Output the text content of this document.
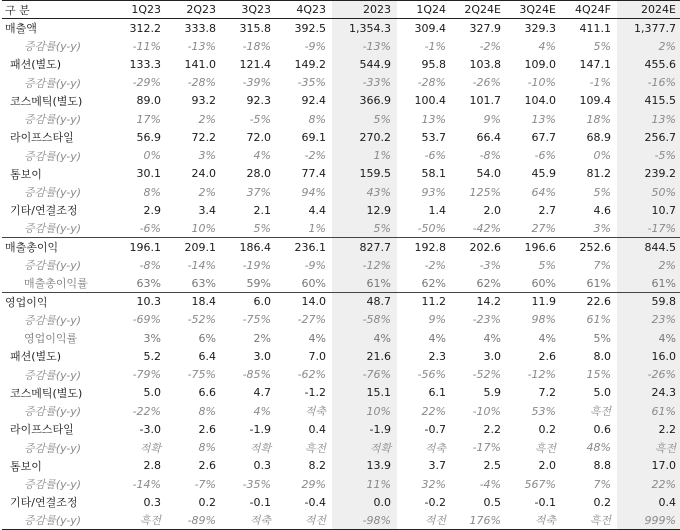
구 분	1Q23	2Q23	3Q23	4Q23	2023	1Q24	2Q24E	3Q24E	4Q24F	2024E
매출액	312.2	333.8	315.8	392.5	1,354.3	309.4	327.9	329.3	411.1	1,377.7
증감률(y-y)	-11%	-13%	-18%	-9%	-13%	-1%	-2%	4%	5%	2%
패션(별도)	133.3	141.0	121.4	149.2	544.9	95.8	103.8	109.0	147.1	455.6
증감률(y-y)	-29%	-28%	-39%	-35%	-33%	-28%	-26%	-10%	-1%	-16%
코스메틱(별도)	89.0	93.2	92.3	92.4	366.9	100.4	101.7	104.0	109.4	415.5
증감률(y-y)	17%	2%	-5%	8%	5%	13%	9%	13%	18%	13%
라이프스타일	56.9	72.2	72.0	69.1	270.2	53.7	66.4	67.7	68.9	256.7
증감률(y-y)	0%	3%	4%	-2%	1%	-6%	-8%	-6%	0%	-5%
톰보이	30.1	24.0	28.0	77.4	159.5	58.1	54.0	45.9	81.2	239.2
증감률(y-y)	8%	2%	37%	94%	43%	93%	125%	64%	5%	50%
기타/연결조정	2.9	3.4	2.1	4.4	12.9	1.4	2.0	2.7	4.6	10.7
증감률(y-y)	-6%	10%	5%	1%	5%	-50%	-42%	27%	3%	-17%
매출총이익	196.1	209.1	186.4	236.1	827.7	192.8	202.6	196.6	252.6	844.5
증감률(y-y)	-8%	-14%	-19%	-9%	-12%	-2%	-3%	5%	7%	2%
매출총이익률	63%	63%	59%	60%	61%	62%	62%	60%	61%	61%
영업이익	10.3	18.4	6.0	14.0	48.7	11.2	14.2	11.9	22.6	59.8
증감률(y-y)	-69%	-52%	-75%	-27%	-58%	9%	-23%	98%	61%	23%
영업이익률	3%	6%	2%	4%	4%	4%	4%	4%	5%	4%
패션(별도)	5.2	6.4	3.0	7.0	21.6	2.3	3.0	2.6	8.0	16.0
증감률(y-y)	-79%	-75%	-85%	-62%	-76%	-56%	-52%	-12%	15%	-26%
코스메틱(별도)	5.0	6.6	4.7	-1.2	15.1	6.1	5.9	7.2	5.0	24.3
증감률(y-y)	-22%	8%	4%	적축	10%	22%	-10%	53%	흑전	61%
라이프스타일	-3.0	2.6	-1.9	0.4	-1.9	-0.7	2.2	0.2	0.6	2.2
증감률(y-y)	적확	8%	적확	흑전	적확	적축	-17%	흑전	48%	흑전
톰보이	2.8	2.6	0.3	8.2	13.9	3.7	2.5	2.0	8.8	17.0
증감률(y-y)	-14%	-7%	-35%	29%	11%	32%	-4%	567%	7%	22%
기타/연결조정	0.3	0.2	-0.1	-0.4	0.0	-0.2	0.5	-0.1	0.2	0.4
증감률(y-y)	흑전	-89%	적축	적전	-98%	적전	176%	적축	흑전	999%
